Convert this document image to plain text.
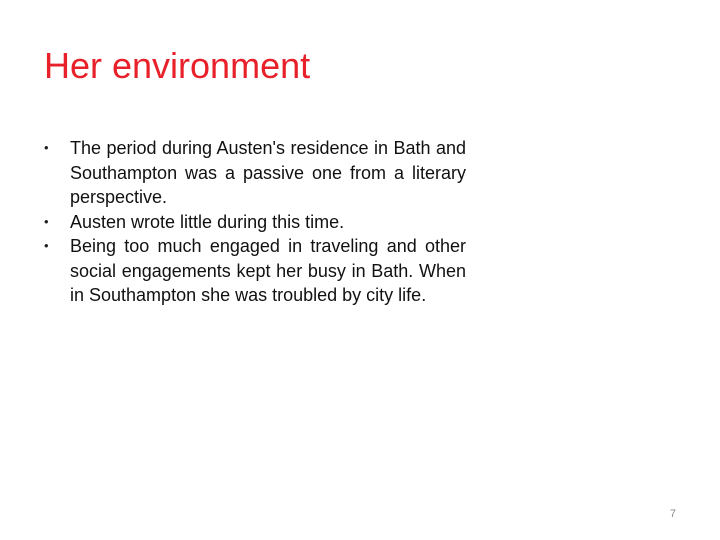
Her environment
• The period during Austen's residence in Bath and Southampton was a passive one from a literary perspective.
• Austen wrote little during this time.
• Being too much engaged in traveling and other social engagements kept her busy in Bath. When in Southampton she was troubled by city life.
7
